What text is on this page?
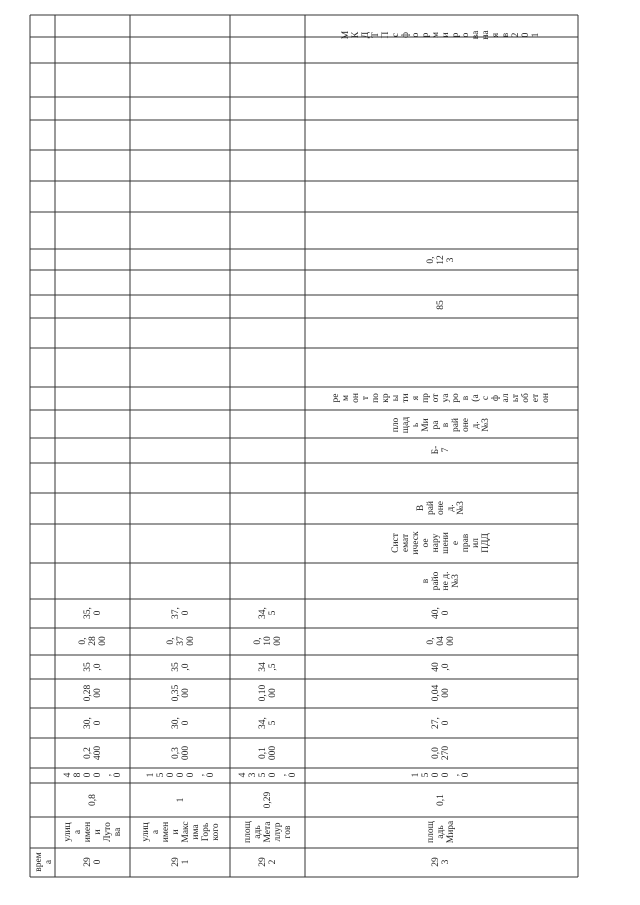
290
улицаимениЛутова
0,8
4800,0
0,2400
30,0
0,2800
35,0
0,2800
35,0
291
улицаимениМаксимаГорького
1
15000,0
0,3000
30,0
0,3500
35,0
0,3700
37,0
292
площадьМеталлургов
0,29
4350,0
0,1000
34,5
0,1000
34,5
0,1000
34,5
293
площадьМира
0,1
1500,0
0,0270
27,0
0,0400
40,0
0,0400
40,0
врайоне д.№3
СистематическоенарушениеправилПДД
Врайонед.№3
Б-7
площадьМираврайонед.№3
ремонтпокрытияпротуаров(асфальтобетон
85
0,123
МКДТПсформированаяв201
врема
